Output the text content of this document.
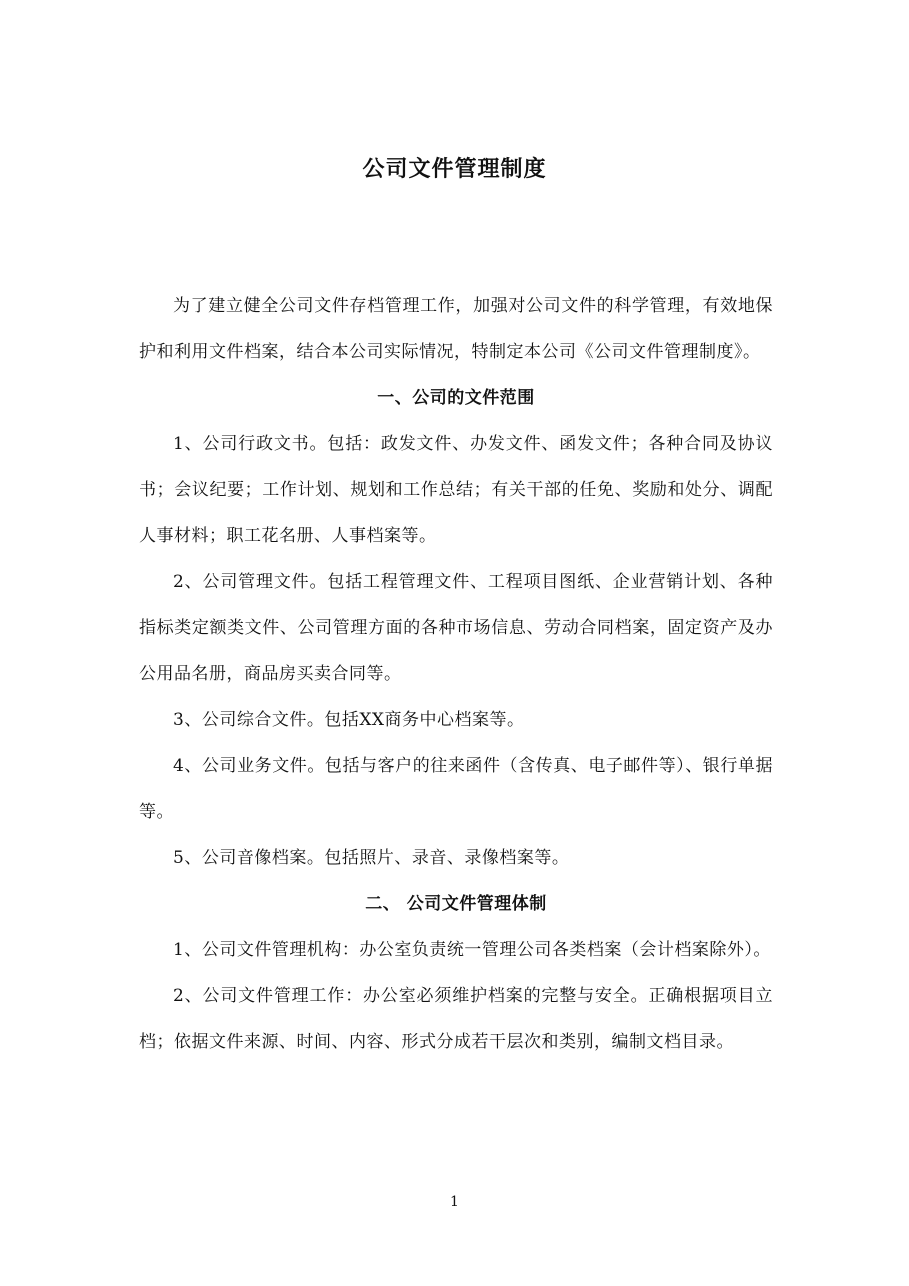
公司文件管理制度

为了建立健全公司文件存档管理工作，加强对公司文件的科学管理，有效地保护和利用文件档案，结合本公司实际情况，特制定本公司《公司文件管理制度》。

一、公司的文件范围

1、公司行政文书。包括：政发文件、办发文件、函发文件；各种合同及协议书；会议纪要；工作计划、规划和工作总结；有关干部的任免、奖励和处分、调配人事材料；职工花名册、人事档案等。

2、公司管理文件。包括工程管理文件、工程项目图纸、企业营销计划、各种指标类定额类文件、公司管理方面的各种市场信息、劳动合同档案，固定资产及办公用品名册，商品房买卖合同等。

3、公司综合文件。包括XX商务中心档案等。

4、公司业务文件。包括与客户的往来函件（含传真、电子邮件等）、银行单据等。

5、公司音像档案。包括照片、录音、录像档案等。

二、 公司文件管理体制

1、公司文件管理机构：办公室负责统一管理公司各类档案（会计档案除外）。

2、公司文件管理工作：办公室必须维护档案的完整与安全。正确根据项目立档；依据文件来源、时间、内容、形式分成若干层次和类别，编制文档目录。

1
